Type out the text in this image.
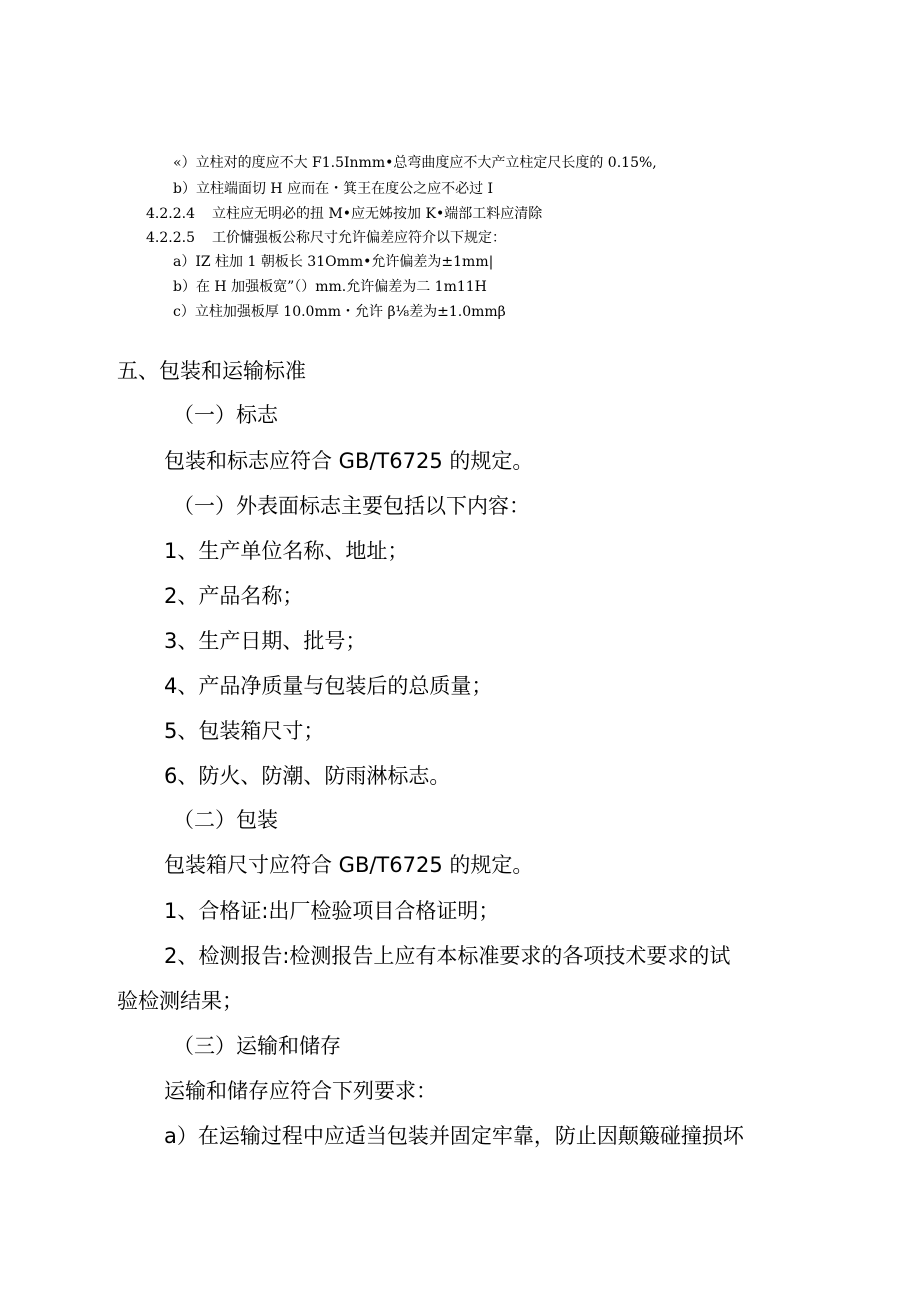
«）立柱对的度应不大 F1.5Inmm•总弯曲度应不大产立柱定尺长度的 0.15%,
b）立柱端面切 H 应而在・箕王在度公之应不必过 I
4.2.2.4 立柱应无明必的扭 M•应无姊按加 K•端部工料应清除
4.2.2.5 工价慵强板公称尺寸允许偏差应符介以下规定：
a）IZ 柱加 1 朝板长 31Omm•允许偏差为±1mm|
b）在 H 加强板宽”（）mm.允许偏差为二 1m11H
c）立柱加强板厚 10.0mm・允许 β⅛差为±1.0mmβ
五、包装和运输标准
（一）标志
包装和标志应符合 GB/T6725 的规定。
（一）外表面标志主要包括以下内容：
1、生产单位名称、地址；
2、产品名称；
3、生产日期、批号；
4、产品净质量与包装后的总质量；
5、包装箱尺寸；
6、防火、防潮、防雨淋标志。
（二）包装
包装箱尺寸应符合 GB/T6725 的规定。
1、合格证:出厂检验项目合格证明；
2、检测报告:检测报告上应有本标准要求的各项技术要求的试
验检测结果；
（三）运输和储存
运输和储存应符合下列要求：
a）在运输过程中应适当包装并固定牢靠，防止因颠簸碰撞损坏
